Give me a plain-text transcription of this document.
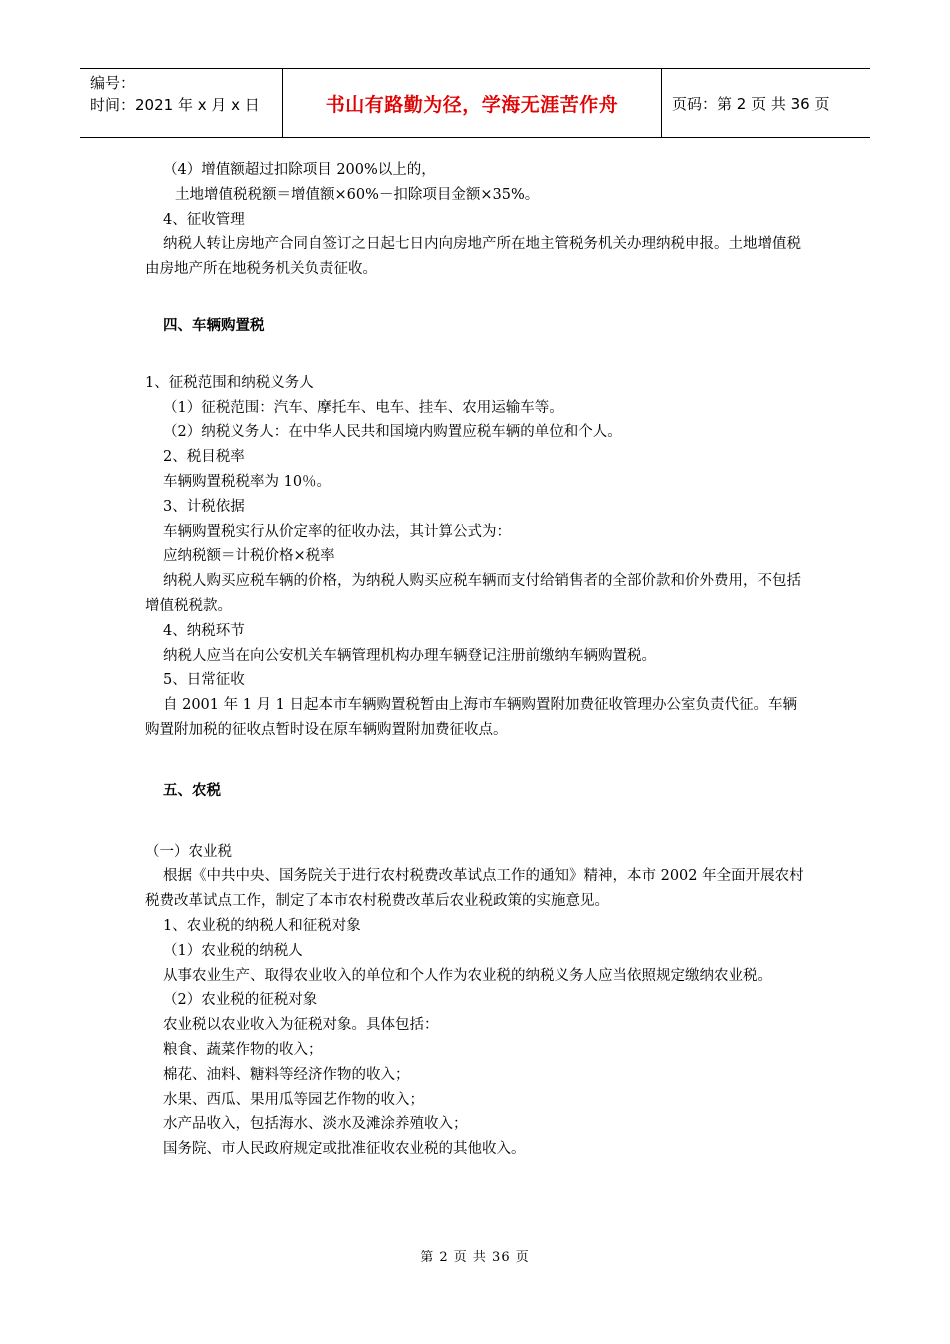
编号：
时间：2021 年 x 月 x 日	书山有路勤为径，学海无涯苦作舟	页码：第 2 页 共 36 页

（4）增值额超过扣除项目 200%以上的，

土地增值税税额＝增值额×60%－扣除项目金额×35%。

4、征收管理

纳税人转让房地产合同自签订之日起七日内向房地产所在地主管税务机关办理纳税申报。土地增值税由房地产所在地税务机关负责征收。

四、车辆购置税

1、征税范围和纳税义务人

（1）征税范围：汽车、摩托车、电车、挂车、农用运输车等。

（2）纳税义务人：在中华人民共和国境内购置应税车辆的单位和个人。

2、税目税率

车辆购置税税率为 10％。

3、计税依据

车辆购置税实行从价定率的征收办法，其计算公式为：

应纳税额＝计税价格×税率

纳税人购买应税车辆的价格，为纳税人购买应税车辆而支付给销售者的全部价款和价外费用，不包括增值税税款。

4、纳税环节

纳税人应当在向公安机关车辆管理机构办理车辆登记注册前缴纳车辆购置税。

5、日常征收

自 2001 年 1 月 1 日起本市车辆购置税暂由上海市车辆购置附加费征收管理办公室负责代征。车辆购置附加税的征收点暂时设在原车辆购置附加费征收点。

五、农税

（一）农业税

根据《中共中央、国务院关于进行农村税费改革试点工作的通知》精神，本市 2002 年全面开展农村税费改革试点工作，制定了本市农村税费改革后农业税政策的实施意见。

1、农业税的纳税人和征税对象

（1）农业税的纳税人

从事农业生产、取得农业收入的单位和个人作为农业税的纳税义务人应当依照规定缴纳农业税。

（2）农业税的征税对象

农业税以农业收入为征税对象。具体包括：

粮食、蔬菜作物的收入；

棉花、油料、糖料等经济作物的收入；

水果、西瓜、果用瓜等园艺作物的收入；

水产品收入，包括海水、淡水及滩涂养殖收入；

国务院、市人民政府规定或批准征收农业税的其他收入。

第 2 页 共 36 页
